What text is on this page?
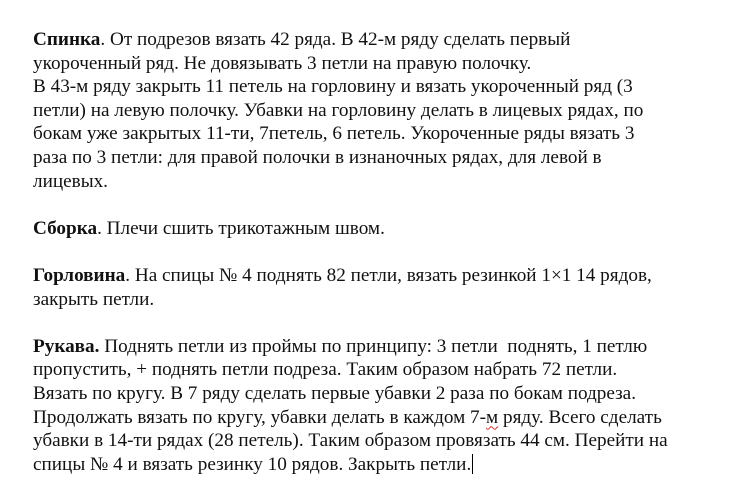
Спинка. От подрезов вязать 42 ряда. В 42-м ряду сделать первый
укороченный ряд. Не довязывать 3 петли на правую полочку.

В 43-м ряду закрыть 11 петель на горловину и вязать укороченный ряд (3
петли) на левую полочку. Убавки на горловину делать в лицевых рядах, по
бокам уже закрытых 11-ти, 7петель, 6 петель. Укороченные ряды вязать 3
раза по 3 петли: для правой полочки в изнаночных рядах, для левой в
лицевых.

Сборка. Плечи сшить трикотажным швом.

Горловина. На спицы № 4 поднять 82 петли, вязать резинкой 1×1 14 рядов,
закрыть петли.

Рукава. Поднять петли из проймы по принципу: 3 петли  поднять, 1 петлю
пропустить, + поднять петли подреза. Таким образом набрать 72 петли.
Вязать по кругу. В 7 ряду сделать первые убавки 2 раза по бокам подреза.
Продолжать вязать по кругу, убавки делать в каждом 7-м ряду. Всего сделать
убавки в 14-ти рядах (28 петель). Таким образом провязать 44 см. Перейти на
спицы № 4 и вязать резинку 10 рядов. Закрыть петли.
